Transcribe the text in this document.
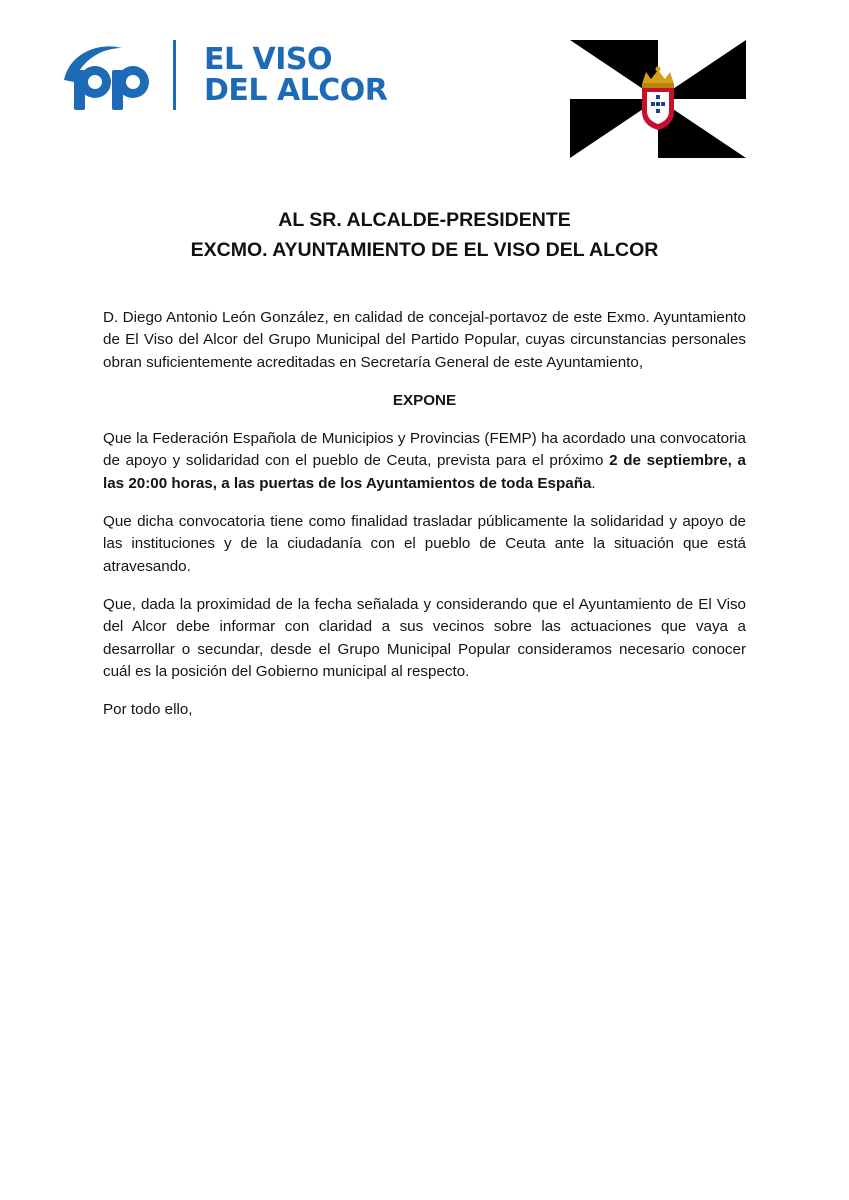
EL VISO
DEL ALCOR
AL SR. ALCALDE-PRESIDENTE
EXCMO. AYUNTAMIENTO DE EL VISO DEL ALCOR

D. Diego Antonio León González, en calidad de concejal-portavoz de este Exmo. Ayuntamiento de El Viso del Alcor del Grupo Municipal del Partido Popular, cuyas circunstancias personales obran suficientemente acreditadas en Secretaría General de este Ayuntamiento,

EXPONE

Que la Federación Española de Municipios y Provincias (FEMP) ha acordado una convocatoria de apoyo y solidaridad con el pueblo de Ceuta, prevista para el próximo 2 de septiembre, a las 20:00 horas, a las puertas de los Ayuntamientos de toda España.

Que dicha convocatoria tiene como finalidad trasladar públicamente la solidaridad y apoyo de las instituciones y de la ciudadanía con el pueblo de Ceuta ante la situación que está atravesando.

Que, dada la proximidad de la fecha señalada y considerando que el Ayuntamiento de El Viso del Alcor debe informar con claridad a sus vecinos sobre las actuaciones que vaya a desarrollar o secundar, desde el Grupo Municipal Popular consideramos necesario conocer cuál es la posición del Gobierno municipal al respecto.

Por todo ello,
